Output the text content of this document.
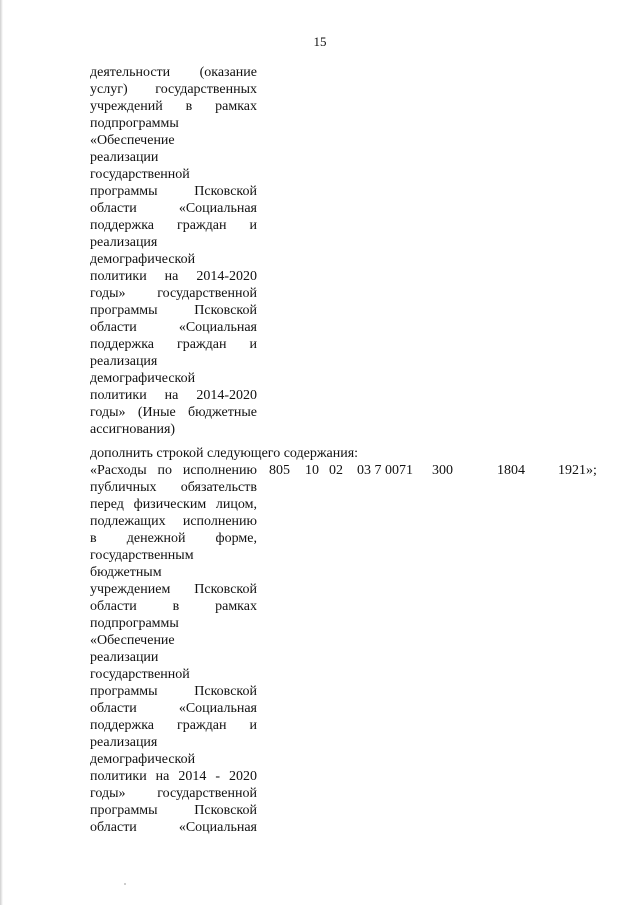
15
деятельности (оказание
услуг) государственных
учреждений в рамках
подпрограммы
«Обеспечение
реализации
государственной
программы Псковской
области «Социальная
поддержка граждан и
реализация
демографической
политики на 2014-2020
годы» государственной
программы Псковской
области «Социальная
поддержка граждан и
реализация
демографической
политики на 2014-2020
годы» (Иные бюджетные
ассигнования)
дополнить строкой следующего содержания:
«Расходы по исполнению
публичных обязательств
перед физическим лицом,
подлежащих исполнению
в денежной форме,
государственным
бюджетным
учреждением Псковской
области в рамках
подпрограммы
«Обеспечение
реализации
государственной
программы Псковской
области «Социальная
поддержка граждан и
реализация
демографической
политики на 2014 - 2020
годы» государственной
программы Псковской
области «Социальная
805 10 02 03 7 0071 300	1804 1921»;
